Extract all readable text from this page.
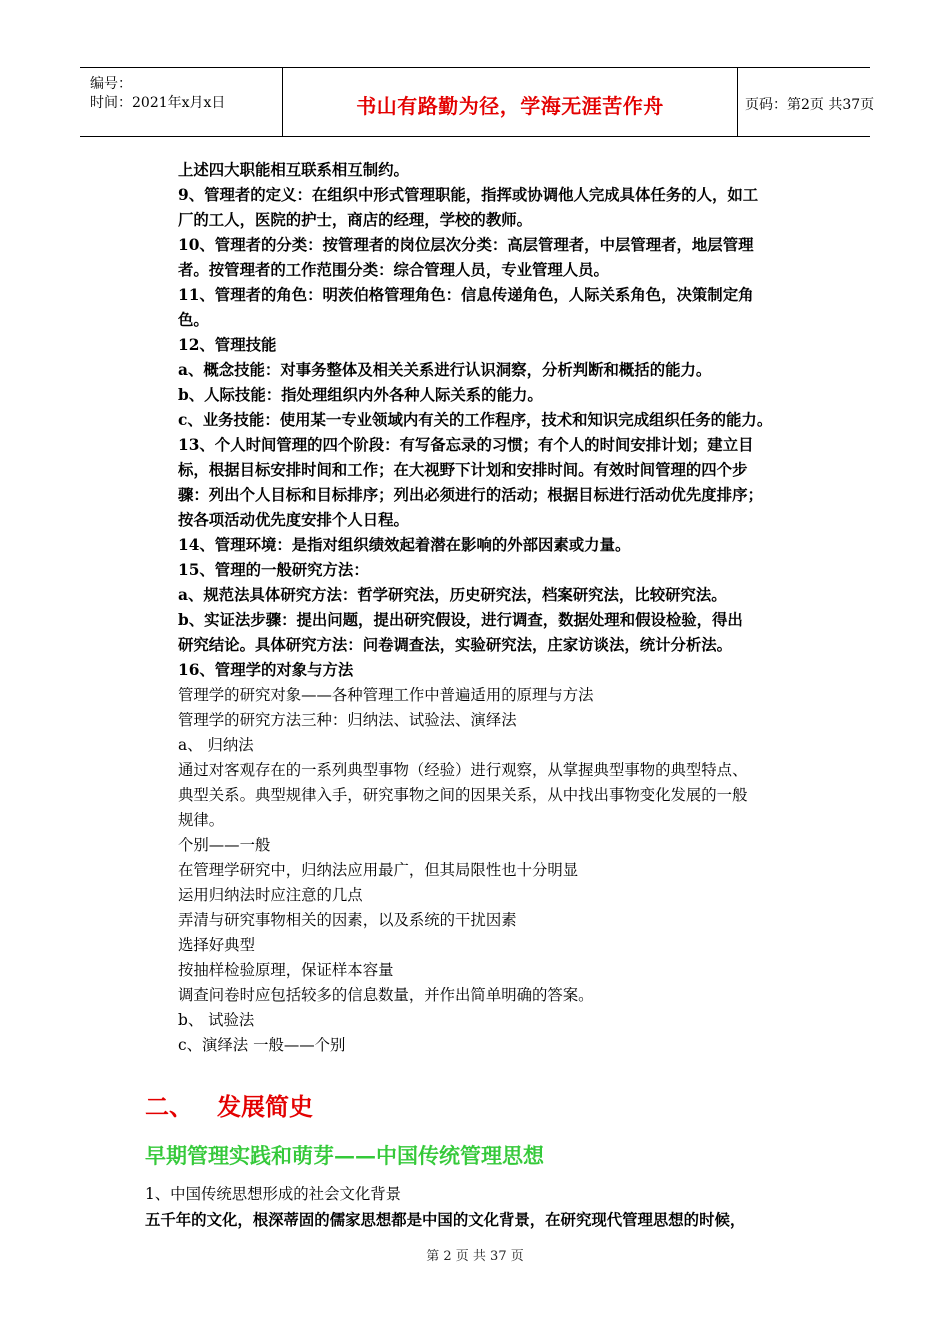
编号：
时间：2021年x月x日	书山有路勤为径，学海无涯苦作舟	页码：第2页 共37页
上述四大职能相互联系相互制约。
9、管理者的定义：在组织中形式管理职能，指挥或协调他人完成具体任务的人，如工
厂的工人，医院的护士，商店的经理，学校的教师。
10、管理者的分类：按管理者的岗位层次分类：高层管理者，中层管理者，地层管理
者。按管理者的工作范围分类：综合管理人员，专业管理人员。
11、管理者的角色：明茨伯格管理角色：信息传递角色，人际关系角色，决策制定角
色。
12、管理技能
a、概念技能：对事务整体及相关关系进行认识洞察，分析判断和概括的能力。
b、人际技能：指处理组织内外各种人际关系的能力。
c、业务技能：使用某一专业领域内有关的工作程序，技术和知识完成组织任务的能力。
13、个人时间管理的四个阶段：有写备忘录的习惯；有个人的时间安排计划；建立目
标，根据目标安排时间和工作；在大视野下计划和安排时间。有效时间管理的四个步
骤：列出个人目标和目标排序；列出必须进行的活动；根据目标进行活动优先度排序；
按各项活动优先度安排个人日程。
14、管理环境：是指对组织绩效起着潜在影响的外部因素或力量。
15、管理的一般研究方法：
a、规范法具体研究方法：哲学研究法，历史研究法，档案研究法，比较研究法。
b、实证法步骤：提出问题，提出研究假设，进行调查，数据处理和假设检验，得出
研究结论。具体研究方法：问卷调查法，实验研究法，庄家访谈法，统计分析法。
16、管理学的对象与方法
管理学的研究对象——各种管理工作中普遍适用的原理与方法
管理学的研究方法三种：归纳法、试验法、演绎法
a、 归纳法
通过对客观存在的一系列典型事物（经验）进行观察，从掌握典型事物的典型特点、
典型关系。典型规律入手，研究事物之间的因果关系，从中找出事物变化发展的一般
规律。
个别——一般
在管理学研究中，归纳法应用最广，但其局限性也十分明显
运用归纳法时应注意的几点
弄清与研究事物相关的因素，以及系统的干扰因素
选择好典型
按抽样检验原理，保证样本容量
调查问卷时应包括较多的信息数量，并作出简单明确的答案。
b、 试验法
c、演绎法 一般——个别
二、 发展简史
早期管理实践和萌芽——中国传统管理思想
1、中国传统思想形成的社会文化背景
五千年的文化，根深蒂固的儒家思想都是中国的文化背景，在研究现代管理思想的时候，
第 2 页 共 37 页
